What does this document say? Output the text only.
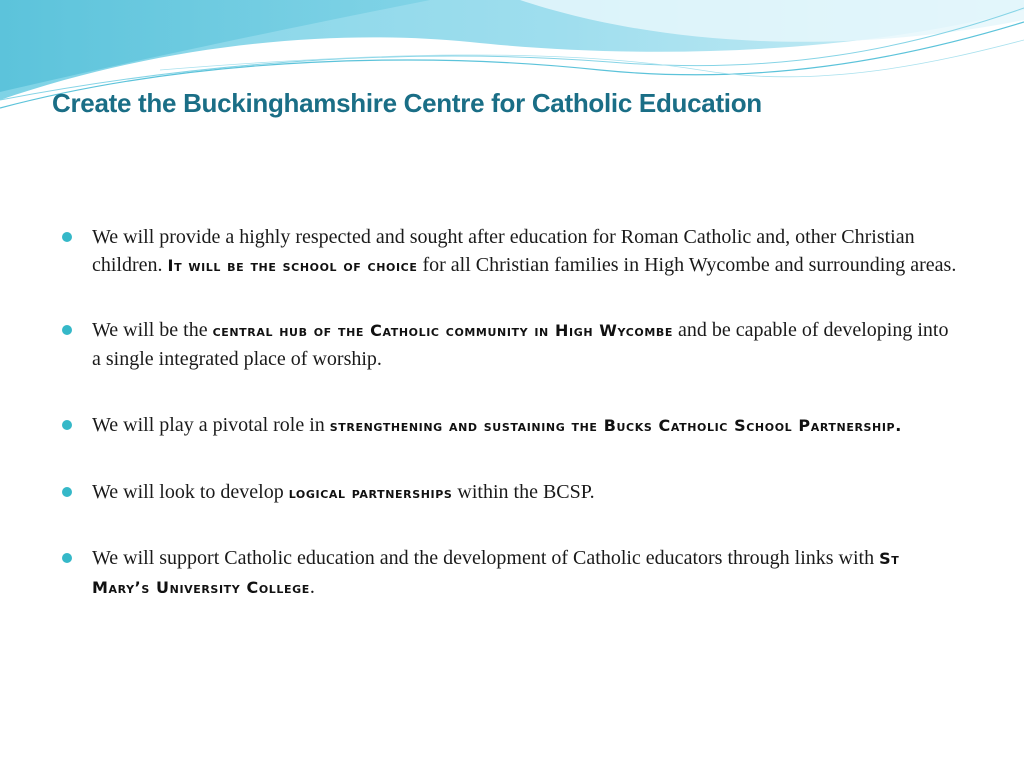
Create the Buckinghamshire Centre for Catholic Education
We will provide a highly respected and sought after education for Roman Catholic and, other Christian children. It will be the school of choice for all Christian families in High Wycombe and surrounding areas.
We will be the central hub of the Catholic community in High Wycombe and be capable of developing into a single integrated place of worship.
We will play a pivotal role in strengthening and sustaining the Bucks Catholic School Partnership.
We will look to develop logical partnerships within the BCSP.
We will support Catholic education and the development of Catholic educators through links with St Mary’s University College.
